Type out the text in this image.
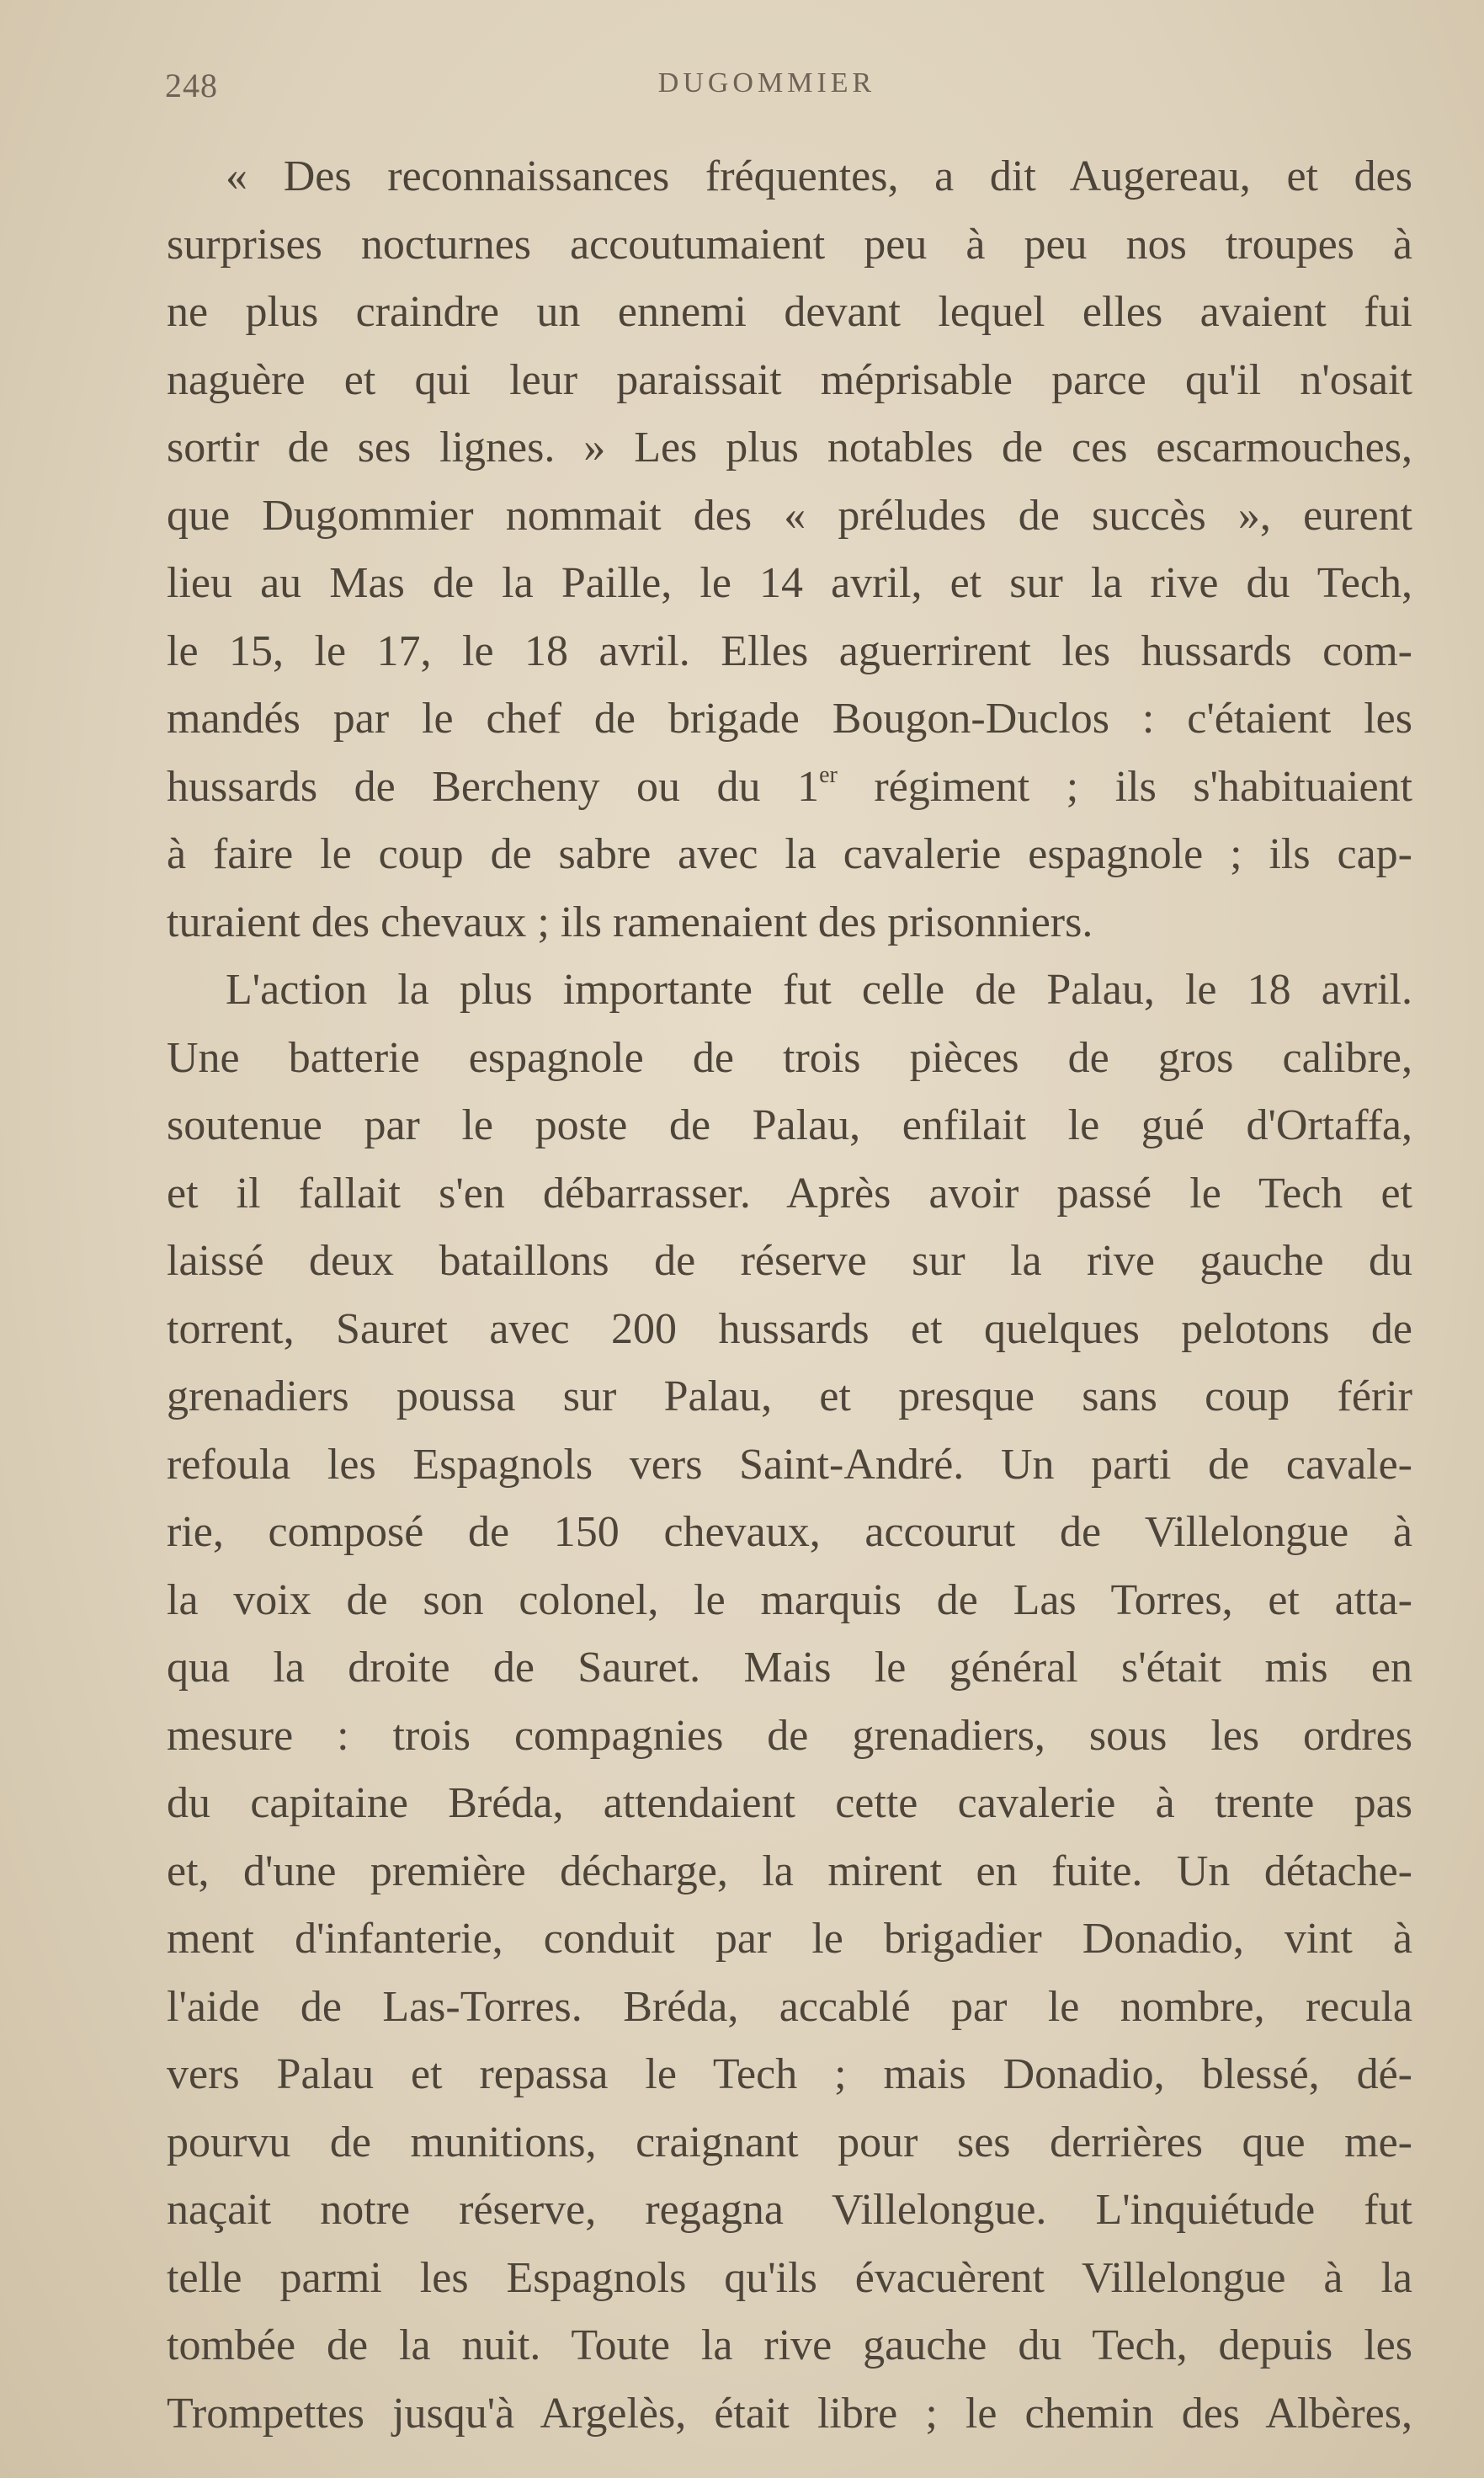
248	DUGOMMIER
« Des reconnaissances fréquentes, a dit Augereau, et des
surprises nocturnes accoutumaient peu à peu nos troupes à
ne plus craindre un ennemi devant lequel elles avaient fui
naguère et qui leur paraissait méprisable parce qu'il n'osait
sortir de ses lignes. » Les plus notables de ces escarmouches,
que Dugommier nommait des « préludes de succès », eurent
lieu au Mas de la Paille, le 14 avril, et sur la rive du Tech,
le 15, le 17, le 18 avril. Elles aguerrirent les hussards com-
mandés par le chef de brigade Bougon-Duclos : c'étaient les
hussards de Bercheny ou du 1er régiment ; ils s'habituaient
à faire le coup de sabre avec la cavalerie espagnole ; ils cap-
turaient des chevaux ; ils ramenaient des prisonniers.
L'action la plus importante fut celle de Palau, le 18 avril.
Une batterie espagnole de trois pièces de gros calibre,
soutenue par le poste de Palau, enfilait le gué d'Ortaffa,
et il fallait s'en débarrasser. Après avoir passé le Tech et
laissé deux bataillons de réserve sur la rive gauche du
torrent, Sauret avec 200 hussards et quelques pelotons de
grenadiers poussa sur Palau, et presque sans coup férir
refoula les Espagnols vers Saint-André. Un parti de cavale-
rie, composé de 150 chevaux, accourut de Villelongue à
la voix de son colonel, le marquis de Las Torres, et atta-
qua la droite de Sauret. Mais le général s'était mis en
mesure : trois compagnies de grenadiers, sous les ordres
du capitaine Bréda, attendaient cette cavalerie à trente pas
et, d'une première décharge, la mirent en fuite. Un détache-
ment d'infanterie, conduit par le brigadier Donadio, vint à
l'aide de Las-Torres. Bréda, accablé par le nombre, recula
vers Palau et repassa le Tech ; mais Donadio, blessé, dé-
pourvu de munitions, craignant pour ses derrières que me-
naçait notre réserve, regagna Villelongue. L'inquiétude fut
telle parmi les Espagnols qu'ils évacuèrent Villelongue à la
tombée de la nuit. Toute la rive gauche du Tech, depuis les
Trompettes jusqu'à Argelès, était libre ; le chemin des Albères,
